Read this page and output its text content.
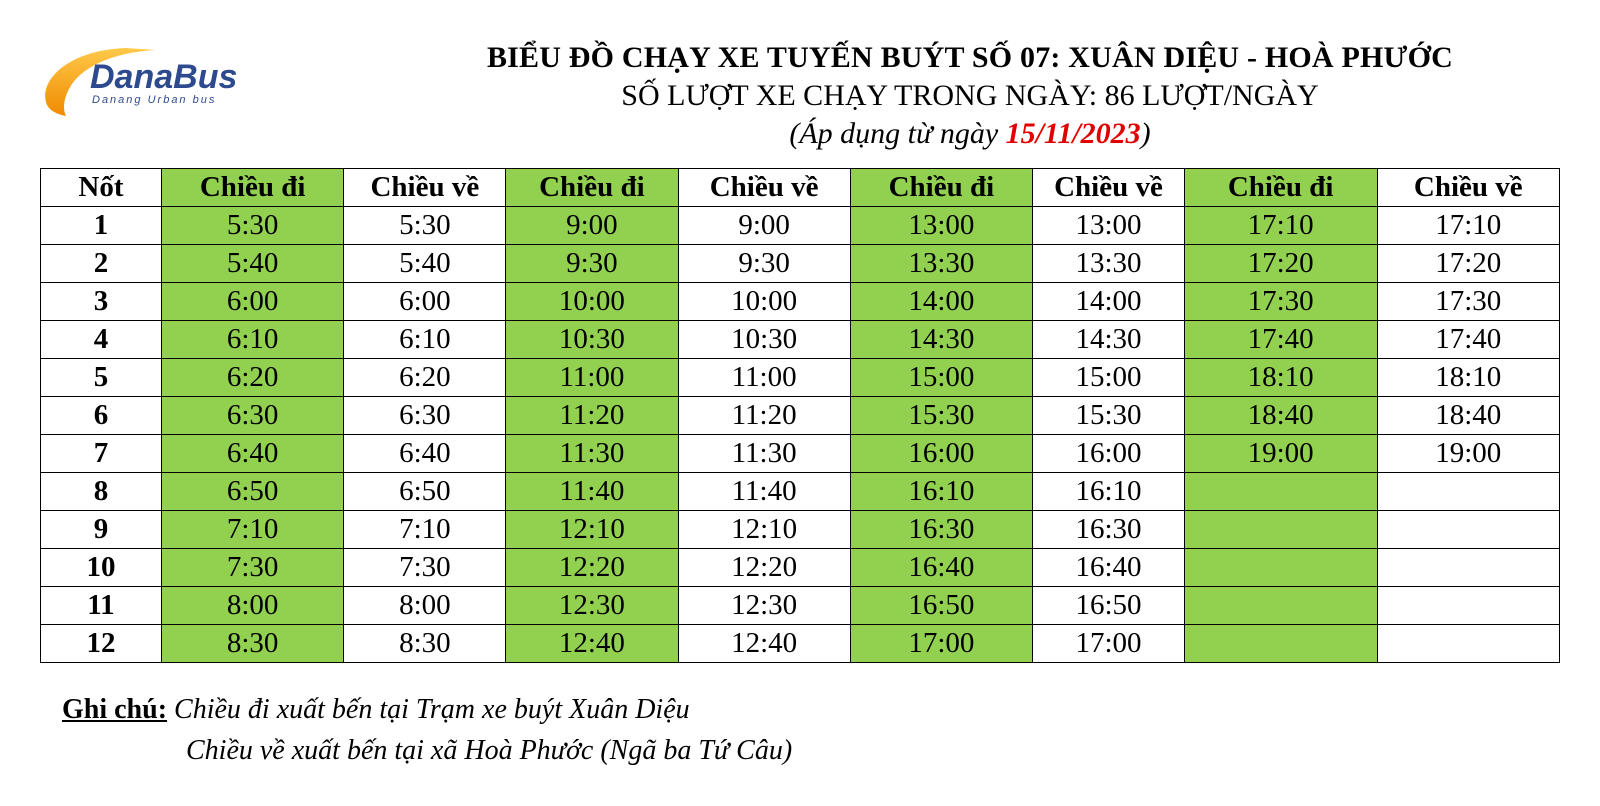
DanaBus
Danang Urban bus
BIỂU ĐỒ CHẠY XE TUYẾN BUÝT SỐ 07: XUÂN DIỆU - HOÀ PHƯỚC
SỐ LƯỢT XE CHẠY TRONG NGÀY: 86 LƯỢT/NGÀY
(Áp dụng từ ngày 15/11/2023)
Nốt	Chiều đi	Chiều về	Chiều đi	Chiều về	Chiều đi	Chiều về	Chiều đi	Chiều về
1	5:30	5:30	9:00	9:00	13:00	13:00	17:10	17:10
2	5:40	5:40	9:30	9:30	13:30	13:30	17:20	17:20
3	6:00	6:00	10:00	10:00	14:00	14:00	17:30	17:30
4	6:10	6:10	10:30	10:30	14:30	14:30	17:40	17:40
5	6:20	6:20	11:00	11:00	15:00	15:00	18:10	18:10
6	6:30	6:30	11:20	11:20	15:30	15:30	18:40	18:40
7	6:40	6:40	11:30	11:30	16:00	16:00	19:00	19:00
8	6:50	6:50	11:40	11:40	16:10	16:10		
9	7:10	7:10	12:10	12:10	16:30	16:30		
10	7:30	7:30	12:20	12:20	16:40	16:40		
11	8:00	8:00	12:30	12:30	16:50	16:50		
12	8:30	8:30	12:40	12:40	17:00	17:00		
Ghi chú: Chiều đi xuất bến tại Trạm xe buýt Xuân Diệu
Chiều về xuất bến tại xã Hoà Phước (Ngã ba Tứ Câu)
